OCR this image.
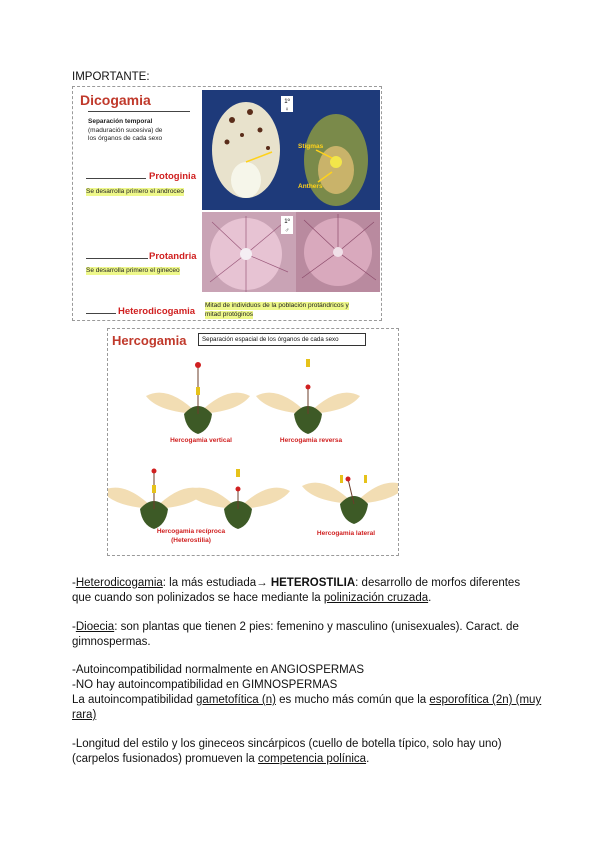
IMPORTANTE:
Dicogamia
Separación temporal
(maduración sucesiva) de
los órganos de cada sexo
Protoginia
Se desarrolla primero el androceo
Protandria
Se desarrolla primero el gineceo
Heterodicogamia
Mitad de individuos de la población protándricos y
mitad protóginos
1º
♀
Stigmas
Anthers
1º
♂
Hercogamia	Separación espacial de los órganos de cada sexo
Hercogamia vertical	Hercogamia reversa
Hercogamia recíproca
(Heterostilia)
Hercogamia lateral
-Heterodicogamia: la más estudiada→ HETEROSTILIA: desarrollo de morfos diferentes
que cuando son polinizados se hace mediante la polinización cruzada.
-Dioecia: son plantas que tienen 2 pies: femenino y masculino (unisexuales). Caract. de
gimnospermas.
-Autoincompatibilidad normalmente en ANGIOSPERMAS
-NO hay autoincompatibilidad en GIMNOSPERMAS
La autoincompatibilidad gametofítica (n) es mucho más común que la esporofítica (2n) (muy
rara)
-Longitud del estilo y los gineceos sincárpicos (cuello de botella típico, solo hay uno)
(carpelos fusionados) promueven la competencia polínica.
